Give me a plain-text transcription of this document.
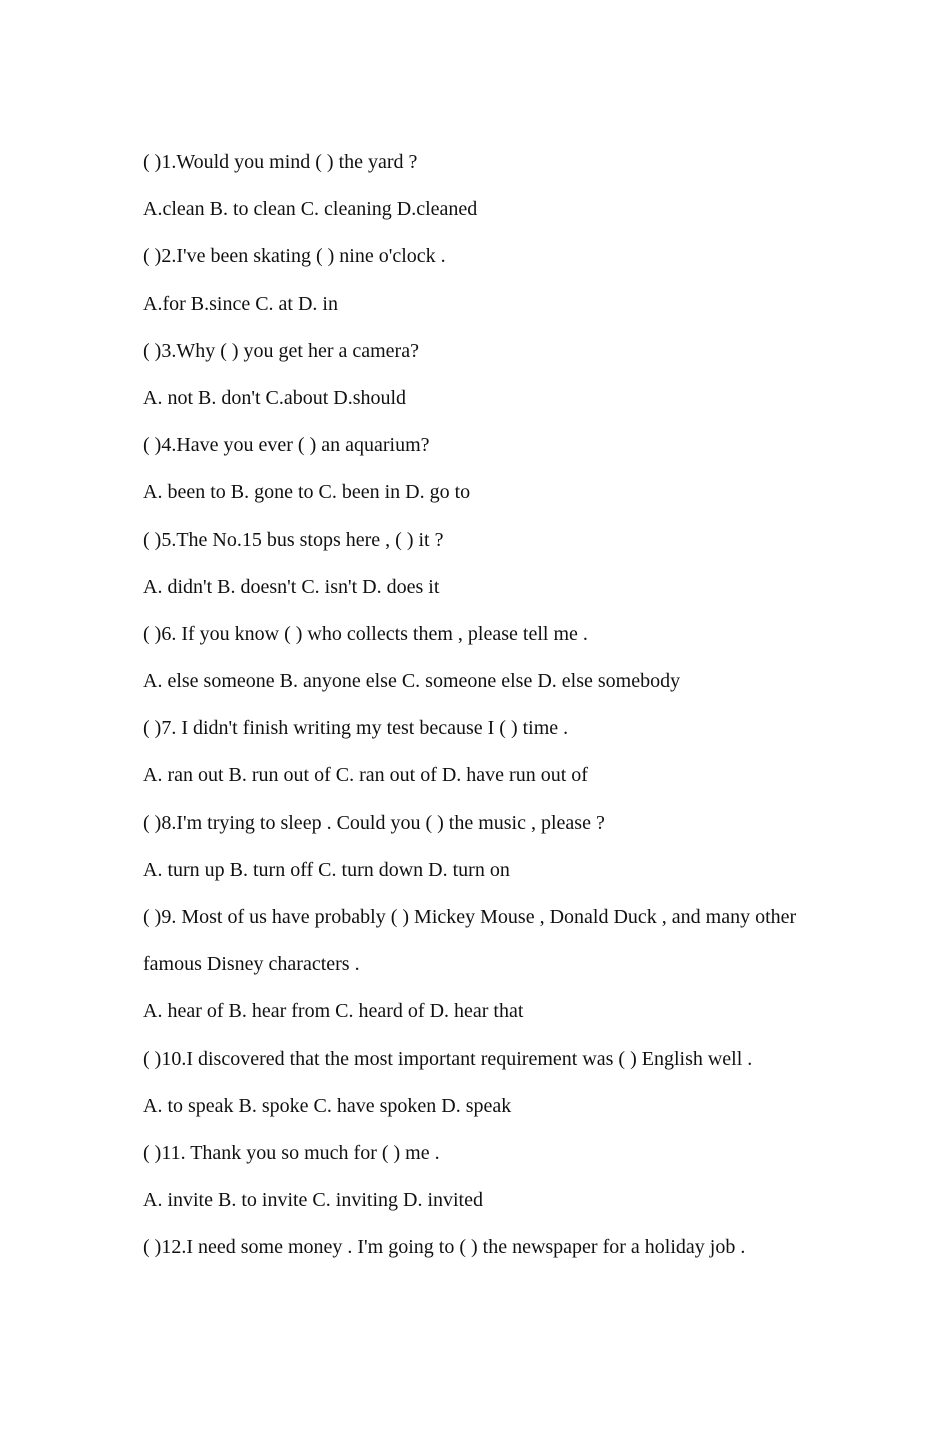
( )1.Would you mind ( ) the yard ?
A.clean B. to clean C. cleaning D.cleaned
( )2.I've been skating ( ) nine o'clock .
A.for B.since C. at D. in
( )3.Why ( ) you get her a camera?
A. not B. don't C.about D.should
( )4.Have you ever ( ) an aquarium?
A. been to B. gone to C. been in D. go to
( )5.The No.15 bus stops here , ( ) it ?
A. didn't B. doesn't C. isn't D. does it
( )6. If you know ( ) who collects them , please tell me .
A. else someone B. anyone else C. someone else D. else somebody
( )7. I didn't finish writing my test because I ( ) time .
A. ran out B. run out of C. ran out of D. have run out of
( )8.I'm trying to sleep . Could you ( ) the music , please ?
A. turn up B. turn off C. turn down D. turn on
( )9. Most of us have probably ( ) Mickey Mouse , Donald Duck , and many other
famous Disney characters .
A. hear of B. hear from C. heard of D. hear that
( )10.I discovered that the most important requirement was ( ) English well .
A. to speak B. spoke C. have spoken D. speak
( )11. Thank you so much for ( ) me .
A. invite B. to invite C. inviting D. invited
( )12.I need some money . I'm going to ( ) the newspaper for a holiday job .
